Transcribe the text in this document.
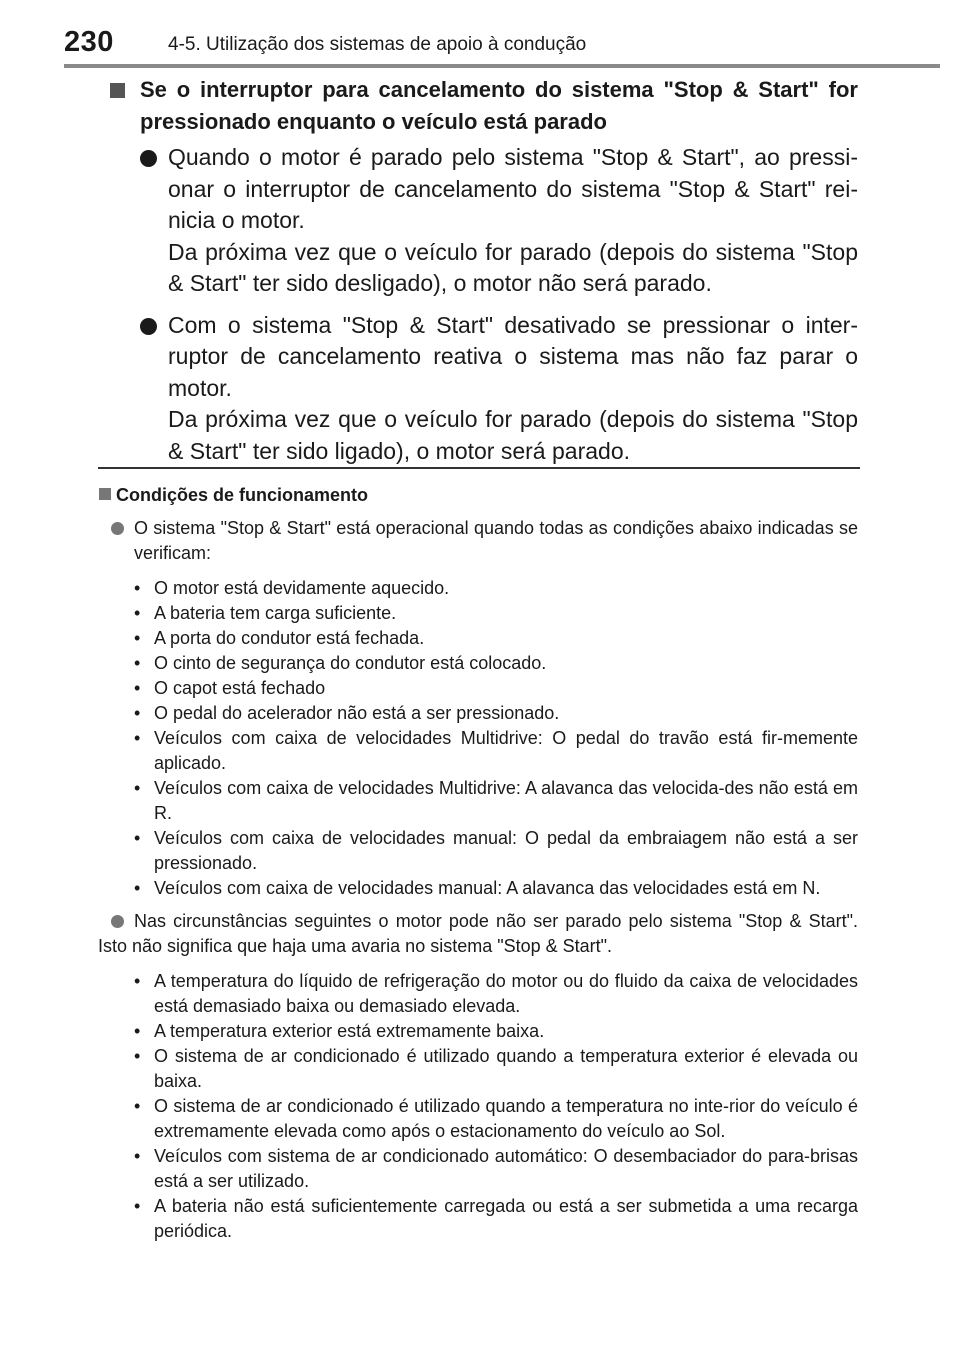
230	4-5. Utilização dos sistemas de apoio à condução
Se o interruptor para cancelamento do sistema "Stop & Start" for pressionado enquanto o veículo está parado

Quando o motor é parado pelo sistema "Stop & Start", ao pressi-onar o interruptor de cancelamento do sistema "Stop & Start" rei-nicia o motor.

Da próxima vez que o veículo for parado (depois do sistema "Stop & Start" ter sido desligado), o motor não será parado.

Com o sistema "Stop & Start" desativado se pressionar o inter-ruptor de cancelamento reativa o sistema mas não faz parar o motor.

Da próxima vez que o veículo for parado (depois do sistema "Stop & Start" ter sido ligado), o motor será parado.

Condições de funcionamento

O sistema "Stop & Start" está operacional quando todas as condições abaixo indicadas se verificam:

• O motor está devidamente aquecido.
• A bateria tem carga suficiente.
• A porta do condutor está fechada.
• O cinto de segurança do condutor está colocado.
• O capot está fechado
• O pedal do acelerador não está a ser pressionado.
• Veículos com caixa de velocidades Multidrive: O pedal do travão está fir-memente aplicado.
• Veículos com caixa de velocidades Multidrive: A alavanca das velocida-des não está em R.
• Veículos com caixa de velocidades manual: O pedal da embraiagem não está a ser pressionado.
• Veículos com caixa de velocidades manual: A alavanca das velocidades está em N.

Nas circunstâncias seguintes o motor pode não ser parado pelo sistema "Stop & Start". Isto não significa que haja uma avaria no sistema "Stop & Start".

• A temperatura do líquido de refrigeração do motor ou do fluido da caixa de velocidades está demasiado baixa ou demasiado elevada.
• A temperatura exterior está extremamente baixa.
• O sistema de ar condicionado é utilizado quando a temperatura exterior é elevada ou baixa.
• O sistema de ar condicionado é utilizado quando a temperatura no inte-rior do veículo é extremamente elevada como após o estacionamento do veículo ao Sol.
• Veículos com sistema de ar condicionado automático: O desembaciador do para-brisas está a ser utilizado.
• A bateria não está suficientemente carregada ou está a ser submetida a uma recarga periódica.
